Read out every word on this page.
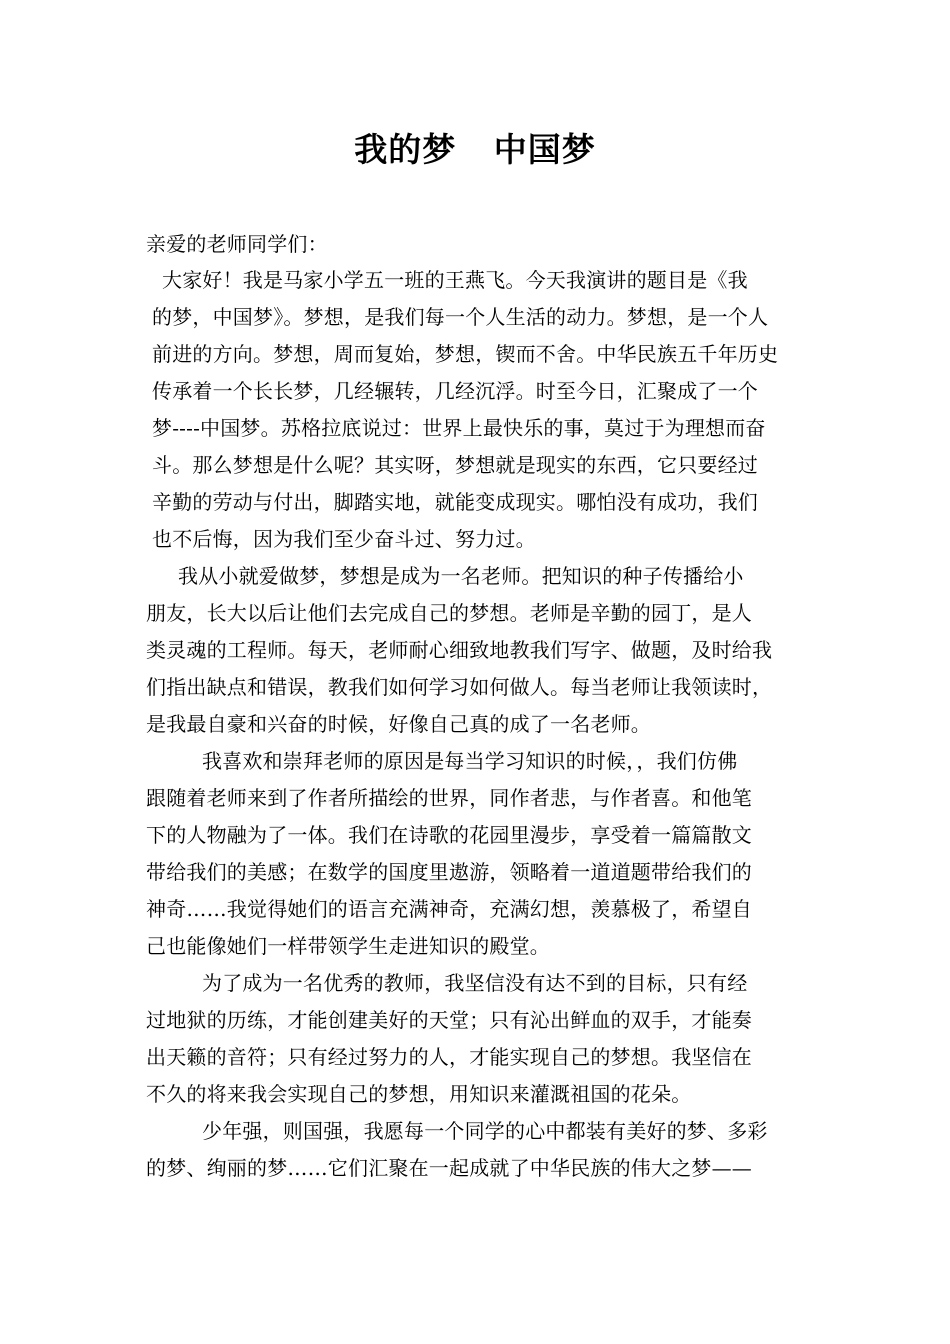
我的梦   中国梦
亲爱的老师同学们：
大家好！我是马家小学五一班的王燕飞。今天我演讲的题目是《我
的梦，中国梦》。梦想，是我们每一个人生活的动力。梦想，是一个人
前进的方向。梦想，周而复始，梦想，锲而不舍。中华民族五千年历史
传承着一个长长梦，几经辗转，几经沉浮。时至今日，汇聚成了一个
梦----中国梦。苏格拉底说过：世界上最快乐的事，莫过于为理想而奋
斗。那么梦想是什么呢？其实呀，梦想就是现实的东西，它只要经过
辛勤的劳动与付出，脚踏实地，就能变成现实。哪怕没有成功，我们
也不后悔，因为我们至少奋斗过、努力过。
我从小就爱做梦，梦想是成为一名老师。把知识的种子传播给小
朋友，长大以后让他们去完成自己的梦想。老师是辛勤的园丁，是人
类灵魂的工程师。每天，老师耐心细致地教我们写字、做题，及时给我
们指出缺点和错误，教我们如何学习如何做人。每当老师让我领读时，
是我最自豪和兴奋的时候，好像自己真的成了一名老师。
我喜欢和崇拜老师的原因是每当学习知识的时候，，我们仿佛
跟随着老师来到了作者所描绘的世界，同作者悲，与作者喜。和他笔
下的人物融为了一体。我们在诗歌的花园里漫步，享受着一篇篇散文
带给我们的美感；在数学的国度里遨游，领略着一道道题带给我们的
神奇……我觉得她们的语言充满神奇，充满幻想，羡慕极了，希望自
己也能像她们一样带领学生走进知识的殿堂。
为了成为一名优秀的教师，我坚信没有达不到的目标，只有经
过地狱的历练，才能创建美好的天堂；只有沁出鲜血的双手，才能奏
出天籁的音符；只有经过努力的人，才能实现自己的梦想。我坚信在
不久的将来我会实现自己的梦想，用知识来灌溉祖国的花朵。
少年强，则国强，我愿每一个同学的心中都装有美好的梦、多彩
的梦、绚丽的梦……它们汇聚在一起成就了中华民族的伟大之梦——
